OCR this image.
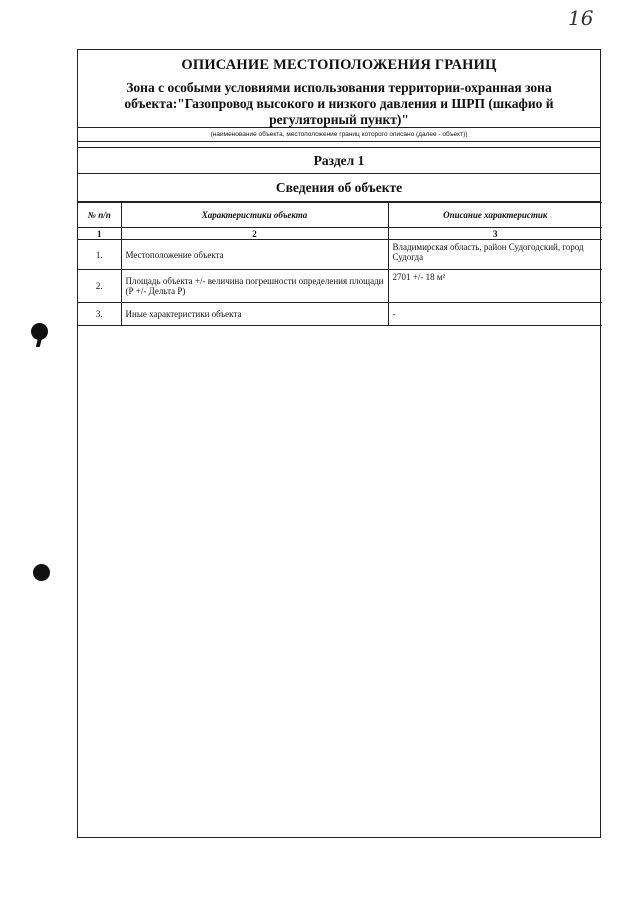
16
ОПИСАНИЕ МЕСТОПОЛОЖЕНИЯ ГРАНИЦ
Зона с особыми условиями использования территории-охранная зона объекта:"Газопровод высокого и низкого давления и ШРП (шкафио й регуляторный пункт)"
(наименование объекта, местоположение границ которого описано (далее - объект))
Раздел 1
Сведения об объекте
№ п/п	Характеристики объекта	Описание характеристик
1	2	3
1.	Местоположение объекта	Владимирская область, район Судогодский, город Судогда
2.	Площадь объекта +/- величина погрешности определения площади (Р +/- Дельта Р)	2701 +/- 18 м²
3.	Иные характеристики объекта	-
